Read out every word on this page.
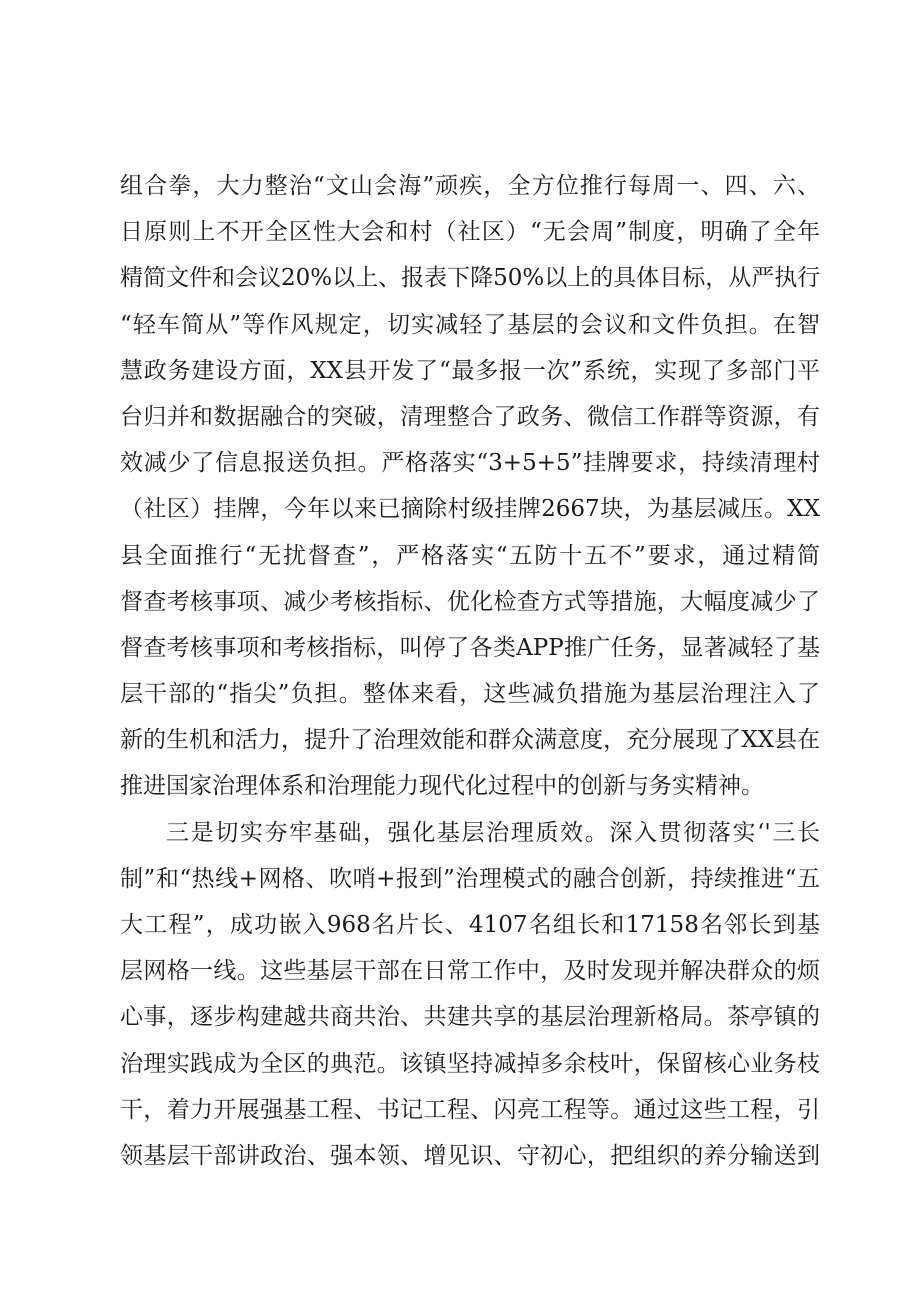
组合拳，大力整治“文山会海”顽疾，全方位推行每周一、四、六、
日原则上不开全区性大会和村（社区）“无会周”制度，明确了全年
精简文件和会议20%以上、报表下降50%以上的具体目标，从严执行
“轻车简从”等作风规定，切实减轻了基层的会议和文件负担。在智
慧政务建设方面，XX县开发了“最多报一次”系统，实现了多部门平
台归并和数据融合的突破，清理整合了政务、微信工作群等资源，有
效减少了信息报送负担。严格落实“3+5+5”挂牌要求，持续清理村
（社区）挂牌，今年以来已摘除村级挂牌2667块，为基层减压。XX
县全面推行“无扰督查”，严格落实“五防十五不”要求，通过精简
督查考核事项、减少考核指标、优化检查方式等措施，大幅度减少了
督查考核事项和考核指标，叫停了各类APP推广任务，显著减轻了基
层干部的“指尖”负担。整体来看，这些减负措施为基层治理注入了
新的生机和活力，提升了治理效能和群众满意度，充分展现了XX县在
推进国家治理体系和治理能力现代化过程中的创新与务实精神。
三是切实夯牢基础，强化基层治理质效。深入贯彻落实‘'三长
制”和“热线+网格、吹哨+报到”治理模式的融合创新，持续推进“五
大工程”，成功嵌入968名片长、4107名组长和17158名邻长到基
层网格一线。这些基层干部在日常工作中，及时发现并解决群众的烦
心事，逐步构建越共商共治、共建共享的基层治理新格局。茶亭镇的
治理实践成为全区的典范。该镇坚持减掉多余枝叶，保留核心业务枝
干，着力开展强基工程、书记工程、闪亮工程等。通过这些工程，引
领基层干部讲政治、强本领、增见识、守初心，把组织的养分输送到
